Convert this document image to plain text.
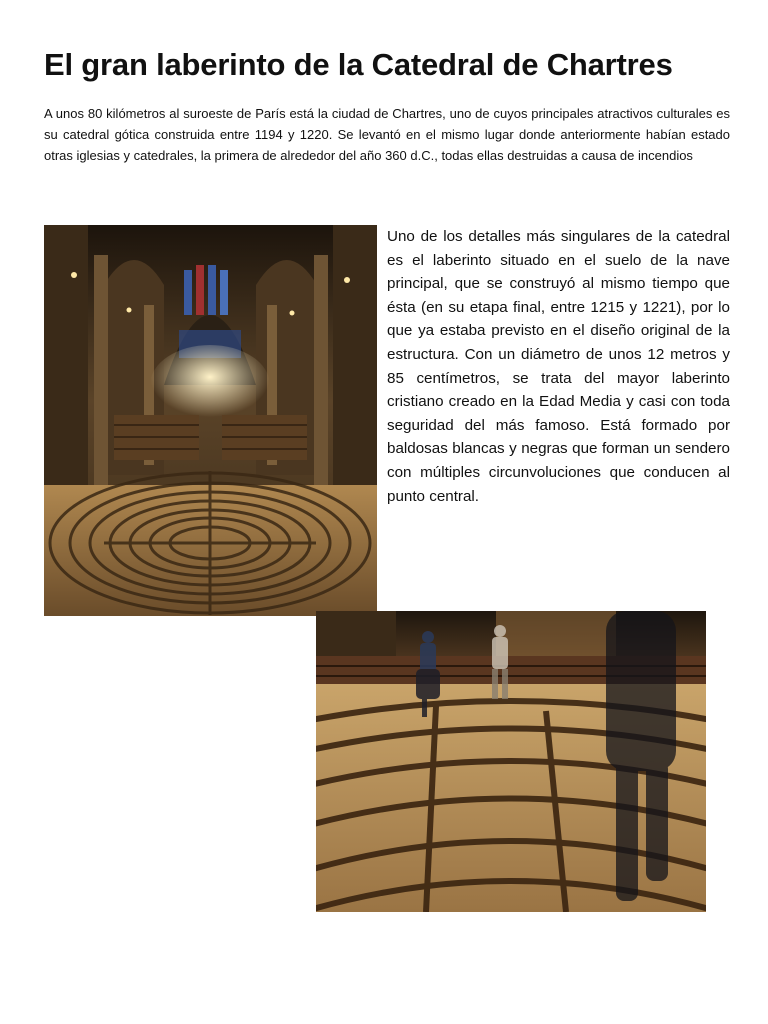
El gran laberinto de la Catedral de Chartres

A unos 80 kilómetros al suroeste de París está la ciudad de Chartres, uno de cuyos principales atractivos culturales es su catedral gótica construida entre 1194 y 1220. Se levantó en el mismo lugar donde anteriormente habían estado otras iglesias y catedrales, la primera de alrededor del año 360 d.C., todas ellas destruidas a causa de incendios

Uno de los detalles más singulares de la catedral es el laberinto situado en el suelo de la nave principal, que se construyó al mismo tiempo que ésta (en su etapa final, entre 1215 y 1221), por lo que ya estaba previsto en el diseño original de la estructura. Con un diámetro de unos 12 metros y 85 centímetros, se trata del mayor laberinto cristiano creado en la Edad Media y casi con toda seguridad del más famoso. Está formado por baldosas blancas y negras que forman un sendero con múltiples circunvoluciones que conducen al punto central.
